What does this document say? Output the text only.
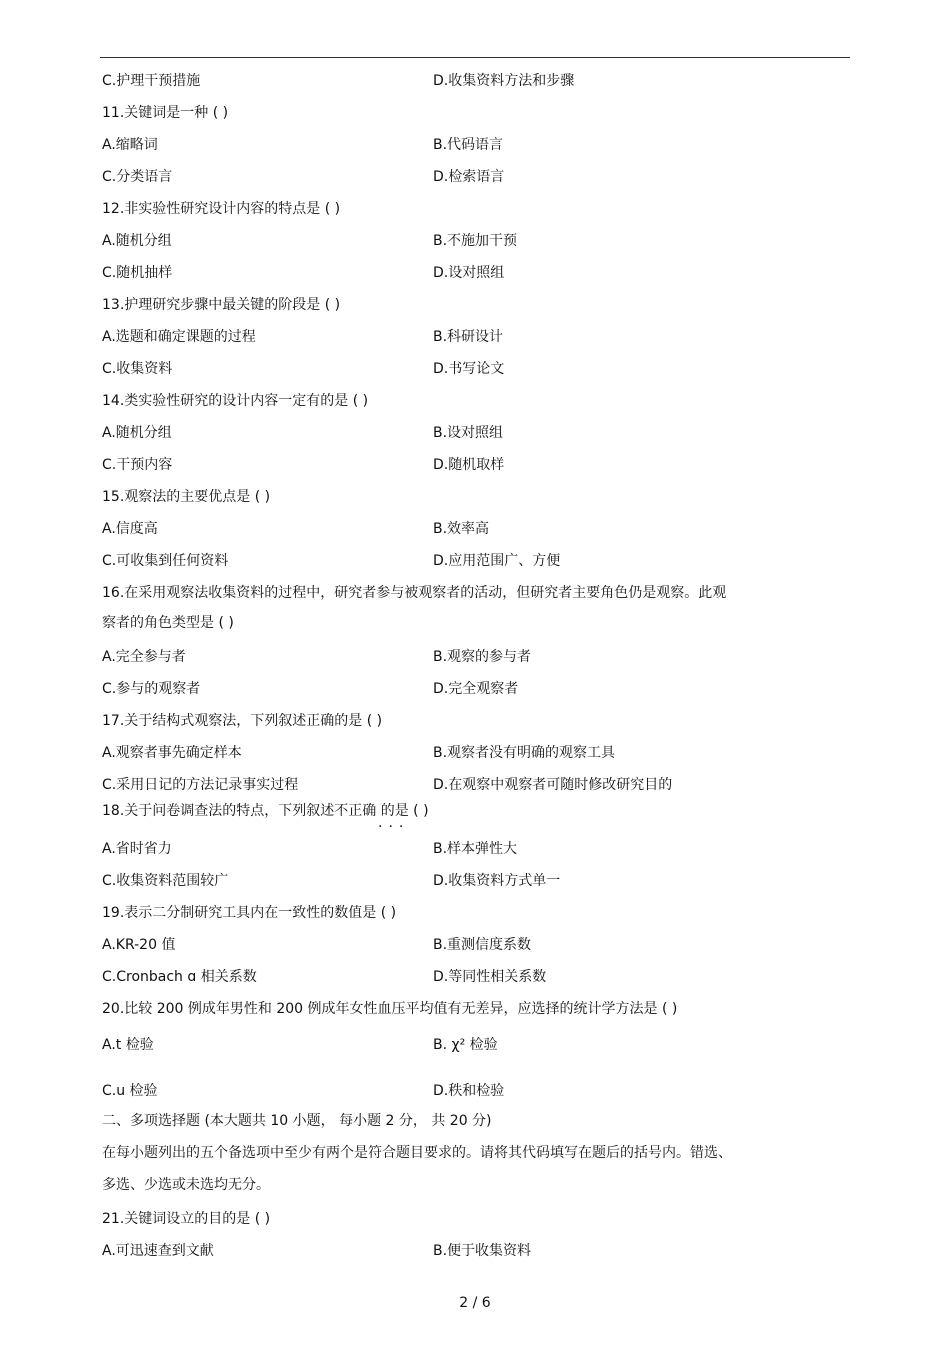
C.护理干预措施	D.收集资料方法和步骤
11.关键词是一种 ( )
A.缩略词	B.代码语言
C.分类语言	D.检索语言
12.非实验性研究设计内容的特点是 ( )
A.随机分组	B.不施加干预
C.随机抽样	D.设对照组
13.护理研究步骤中最关键的阶段是 ( )
A.选题和确定课题的过程	B.科研设计
C.收集资料	D.书写论文
14.类实验性研究的设计内容一定有的是 ( )
A.随机分组	B.设对照组
C.干预内容	D.随机取样
15.观察法的主要优点是 ( )
A.信度高	B.效率高
C.可收集到任何资料	D.应用范围广、方便
16.在采用观察法收集资料的过程中，研究者参与被观察者的活动，但研究者主要角色仍是观察。此观
察者的角色类型是 ( )
A.完全参与者	B.观察的参与者
C.参与的观察者	D.完全观察者
17.关于结构式观察法，下列叙述正确的是 ( )
A.观察者事先确定样本	B.观察者没有明确的观察工具
C.采用日记的方法记录事实过程	D.在观察中观察者可随时修改研究目的
18.关于问卷调查法的特点，下列叙述不正确 的是 ( )
...
A.省时省力	B.样本弹性大
C.收集资料范围较广	D.收集资料方式单一
19.表示二分制研究工具内在一致性的数值是 ( )
A.KR-20 值	B.重测信度系数
C.Cronbach ɑ 相关系数	D.等同性相关系数
20.比较 200 例成年男性和 200 例成年女性血压平均值有无差异，应选择的统计学方法是 ( )
A.t 检验	B. χ² 检验
C.u 检验	D.秩和检验
二、多项选择题 (本大题共 10 小题， 每小题 2 分， 共 20 分)
在每小题列出的五个备选项中至少有两个是符合题目要求的。请将其代码填写在题后的括号内。错选、
多选、少选或未选均无分。
21.关键词设立的目的是 ( )
A.可迅速查到文献	B.便于收集资料
2 / 6
